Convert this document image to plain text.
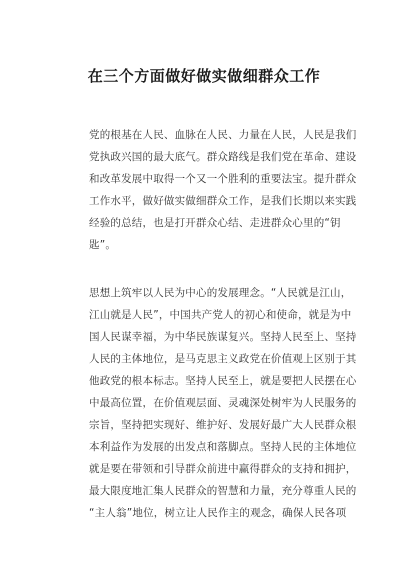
在三个方面做好做实做细群众工作
党的根基在人民、血脉在人民、力量在人民，人民是我们
党执政兴国的最大底气。群众路线是我们党在革命、建设
和改革发展中取得一个又一个胜利的重要法宝。提升群众
工作水平，做好做实做细群众工作，是我们长期以来实践
经验的总结，也是打开群众心结、走进群众心里的“钥
匙”。
思想上筑牢以人民为中心的发展理念。“人民就是江山，
江山就是人民”，中国共产党人的初心和使命，就是为中
国人民谋幸福，为中华民族谋复兴。坚持人民至上、坚持
人民的主体地位，是马克思主义政党在价值观上区别于其
他政党的根本标志。坚持人民至上，就是要把人民摆在心
中最高位置，在价值观层面、灵魂深处树牢为人民服务的
宗旨，坚持把实现好、维护好、发展好最广大人民群众根
本利益作为发展的出发点和落脚点。坚持人民的主体地位
就是要在带领和引导群众前进中赢得群众的支持和拥护，
最大限度地汇集人民群众的智慧和力量，充分尊重人民的
“主人翁”地位，树立让人民作主的观念，确保人民各项
